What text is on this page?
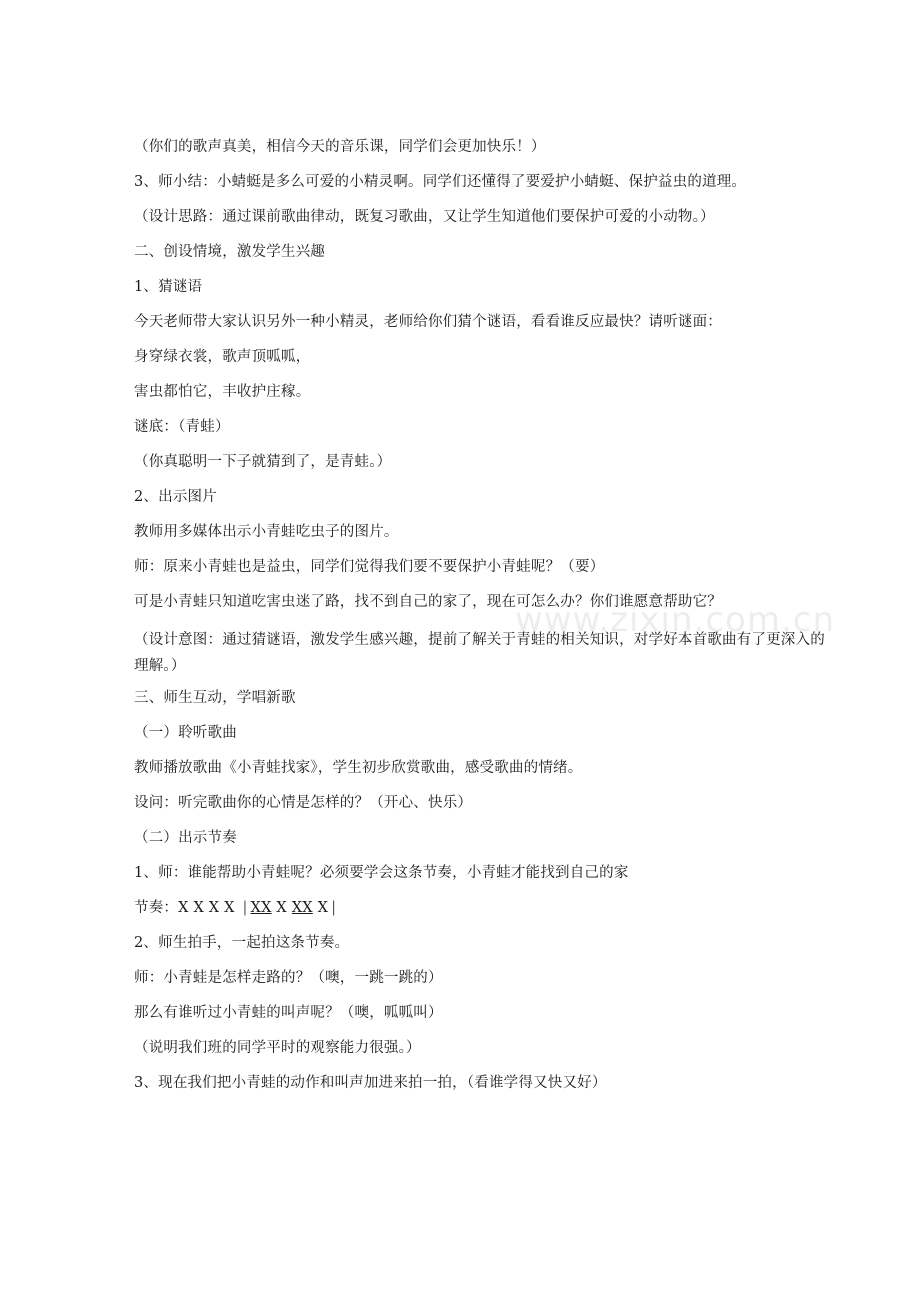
（你们的歌声真美，相信今天的音乐课，同学们会更加快乐！）
3、师小结：小蜻蜓是多么可爱的小精灵啊。同学们还懂得了要爱护小蜻蜓、保护益虫的道理。
（设计思路：通过课前歌曲律动，既复习歌曲，又让学生知道他们要保护可爱的小动物。）
二、创设情境，激发学生兴趣
1、猜谜语
今天老师带大家认识另外一种小精灵，老师给你们猜个谜语，看看谁反应最快？请听谜面：
身穿绿衣裳，歌声顶呱呱，
害虫都怕它，丰收护庄稼。
谜底：（青蛙）
（你真聪明一下子就猜到了，是青蛙。）
2、出示图片
教师用多媒体出示小青蛙吃虫子的图片。
师：原来小青蛙也是益虫，同学们觉得我们要不要保护小青蛙呢？（要）
可是小青蛙只知道吃害虫迷了路，找不到自己的家了，现在可怎么办？你们谁愿意帮助它？
（设计意图：通过猜谜语，激发学生感兴趣，提前了解关于青蛙的相关知识，对学好本首歌曲有了更深入的理解。）
三、师生互动，学唱新歌
（一）聆听歌曲
教师播放歌曲《小青蛙找家》，学生初步欣赏歌曲，感受歌曲的情绪。
设问：听完歌曲你的心情是怎样的？（开心、快乐）
（二）出示节奏
1、师：谁能帮助小青蛙呢？必须要学会这条节奏，小青蛙才能找到自己的家
节奏：X X X X | XX X XX X |
2、师生拍手，一起拍这条节奏。
师：小青蛙是怎样走路的？（噢，一跳一跳的）
那么有谁听过小青蛙的叫声呢？（噢，呱呱叫）
（说明我们班的同学平时的观察能力很强。）
3、现在我们把小青蛙的动作和叫声加进来拍一拍，（看谁学得又快又好）
www.zixin.com.cn
